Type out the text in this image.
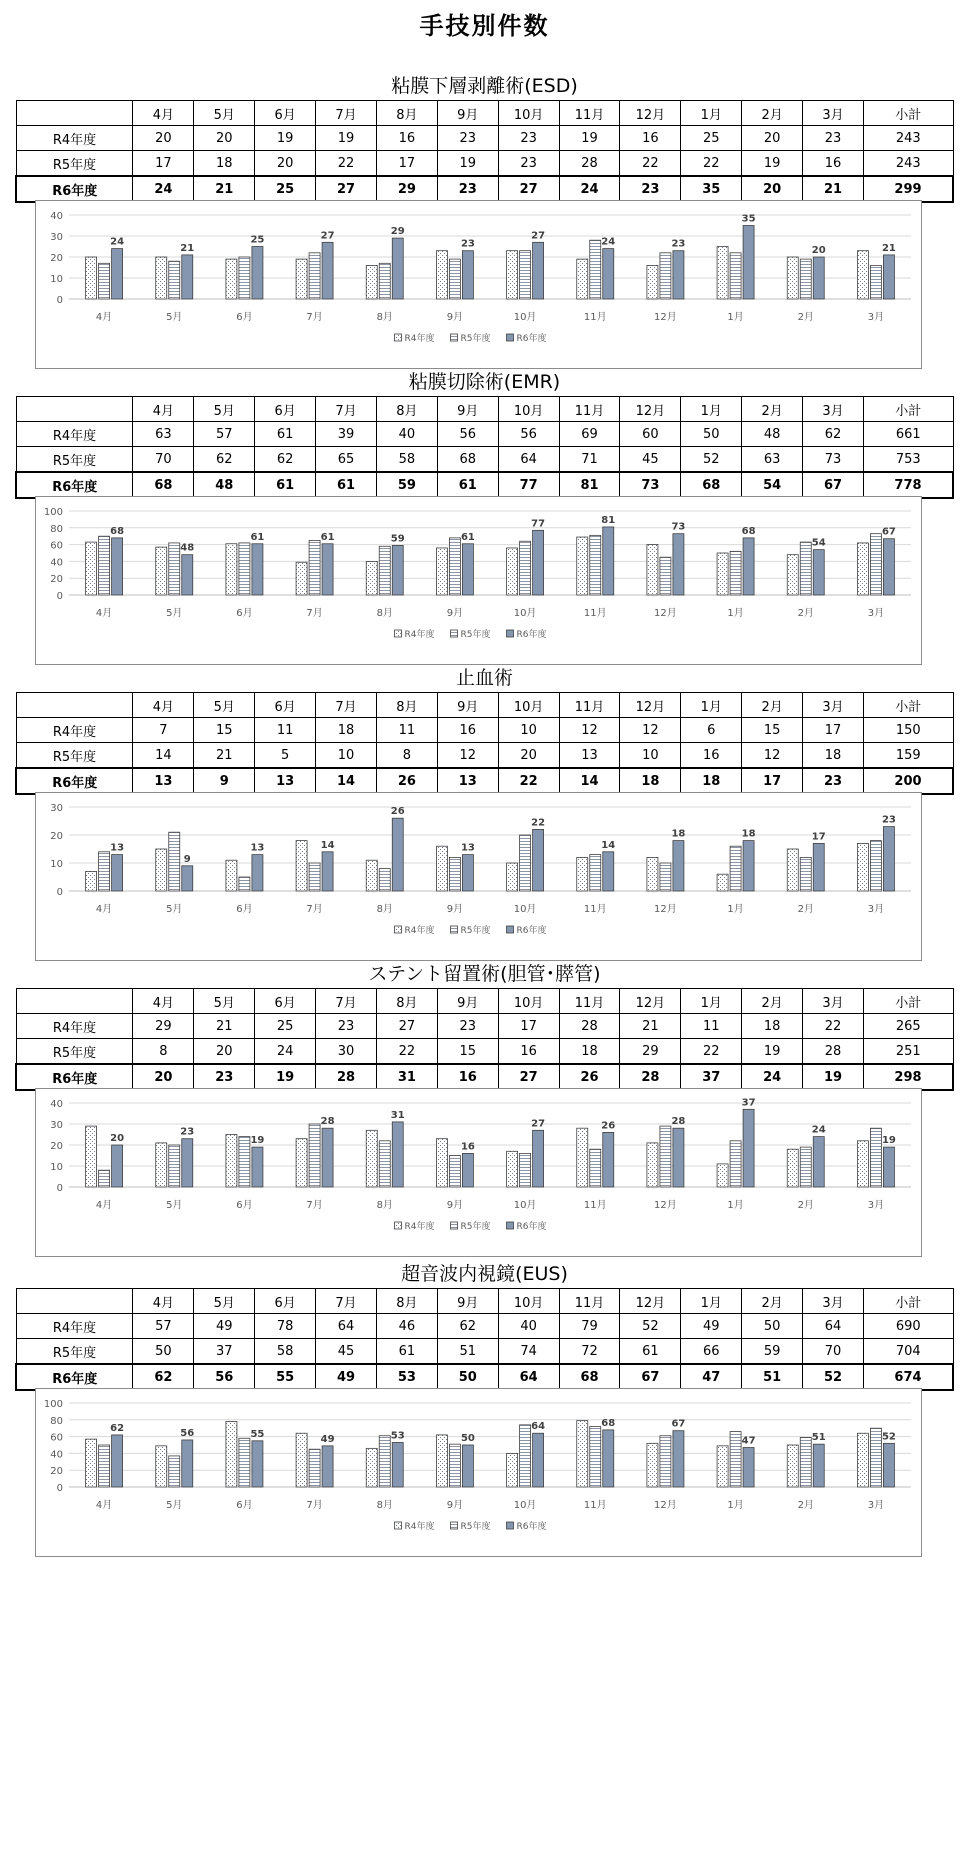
手技別件数
粘膜下層剥離術(ESD)
	4月	5月	6月	7月	8月	9月	10月	11月	12月	1月	2月	3月	小計
R4年度	20	20	19	19	16	23	23	19	16	25	20	23	243
R5年度	17	18	20	22	17	19	23	28	22	22	19	16	243
R6年度	24	21	25	27	29	23	27	24	23	35	20	21	299
0
10
20
30
40
24
4月
21
5月
25
6月
27
7月
29
8月
23
9月
27
10月
24
11月
23
12月
35
1月
20
2月
21
3月
R4年度	R5年度	R6年度
粘膜切除術(EMR)
	4月	5月	6月	7月	8月	9月	10月	11月	12月	1月	2月	3月	小計
R4年度	63	57	61	39	40	56	56	69	60	50	48	62	661
R5年度	70	62	62	65	58	68	64	71	45	52	63	73	753
R6年度	68	48	61	61	59	61	77	81	73	68	54	67	778
0
20
40
60
80
100
68
4月
48
5月
61
6月
61
7月
59
8月
61
9月
77
10月
81
11月
73
12月
68
1月
54
2月
67
3月
R4年度	R5年度	R6年度
止血術
	4月	5月	6月	7月	8月	9月	10月	11月	12月	1月	2月	3月	小計
R4年度	7	15	11	18	11	16	10	12	12	6	15	17	150
R5年度	14	21	5	10	8	12	20	13	10	16	12	18	159
R6年度	13	9	13	14	26	13	22	14	18	18	17	23	200
0
10
20
30
13
4月
9
5月
13
6月
14
7月
26
8月
13
9月
22
10月
14
11月
18
12月
18
1月
17
2月
23
3月
R4年度	R5年度	R6年度
ステント留置術(胆管･膵管)
	4月	5月	6月	7月	8月	9月	10月	11月	12月	1月	2月	3月	小計
R4年度	29	21	25	23	27	23	17	28	21	11	18	22	265
R5年度	8	20	24	30	22	15	16	18	29	22	19	28	251
R6年度	20	23	19	28	31	16	27	26	28	37	24	19	298
0
10
20
30
40
20
4月
23
5月
19
6月
28
7月
31
8月
16
9月
27
10月
26
11月
28
12月
37
1月
24
2月
19
3月
R4年度	R5年度	R6年度
超音波内視鏡(EUS)
	4月	5月	6月	7月	8月	9月	10月	11月	12月	1月	2月	3月	小計
R4年度	57	49	78	64	46	62	40	79	52	49	50	64	690
R5年度	50	37	58	45	61	51	74	72	61	66	59	70	704
R6年度	62	56	55	49	53	50	64	68	67	47	51	52	674
0
20
40
60
80
100
62
4月
56
5月
55
6月
49
7月
53
8月
50
9月
64
10月
68
11月
67
12月
47
1月
51
2月
52
3月
R4年度	R5年度	R6年度
